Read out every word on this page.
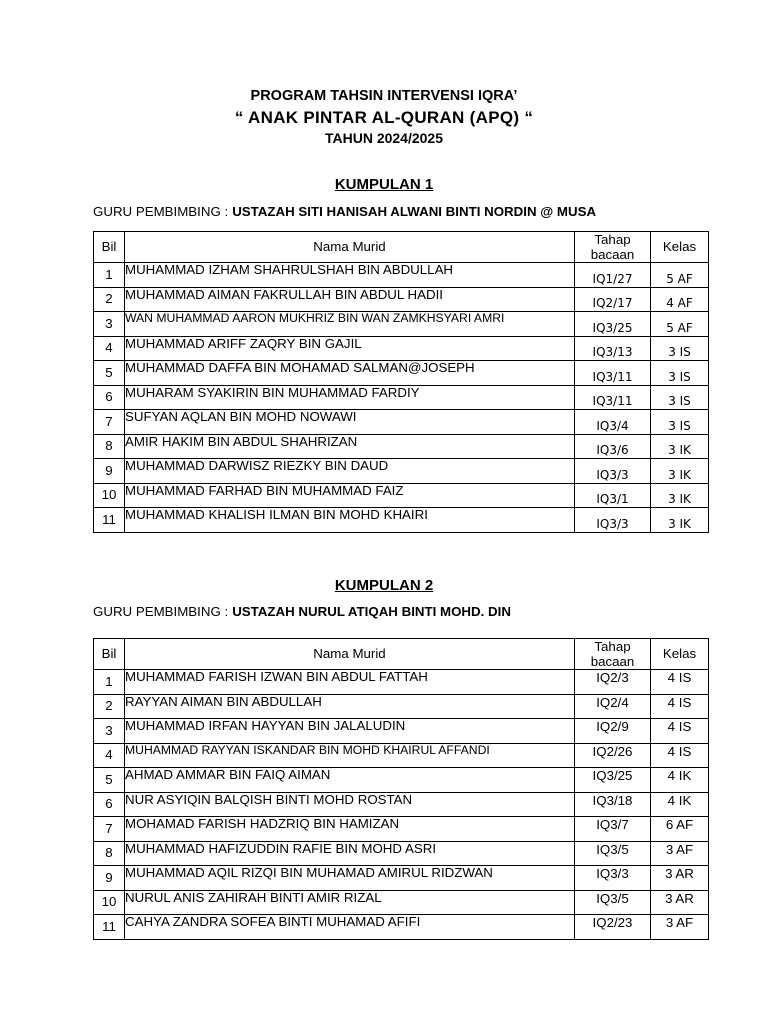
PROGRAM TAHSIN INTERVENSI IQRA’
“ ANAK PINTAR AL-QURAN (APQ) “
TAHUN 2024/2025
KUMPULAN 1
GURU PEMBIMBING : USTAZAH SITI HANISAH ALWANI BINTI NORDIN @ MUSA
Bil	Nama Murid	Tahap bacaan	Kelas
1	MUHAMMAD IZHAM SHAHRULSHAH BIN ABDULLAH	IQ1/27	5 AF
2	MUHAMMAD AIMAN FAKRULLAH BIN ABDUL HADII	IQ2/17	4 AF
3	WAN MUHAMMAD AARON MUKHRIZ BIN WAN ZAMKHSYARI AMRI	IQ3/25	5 AF
4	MUHAMMAD ARIFF ZAQRY BIN GAJIL	IQ3/13	3 IS
5	MUHAMMAD DAFFA BIN MOHAMAD SALMAN@JOSEPH	IQ3/11	3 IS
6	MUHARAM SYAKIRIN BIN MUHAMMAD FARDIY	IQ3/11	3 IS
7	SUFYAN AQLAN BIN MOHD NOWAWI	IQ3/4	3 IS
8	AMIR HAKIM BIN ABDUL SHAHRIZAN	IQ3/6	3 IK
9	MUHAMMAD DARWISZ RIEZKY BIN DAUD	IQ3/3	3 IK
10	MUHAMMAD FARHAD BIN MUHAMMAD FAIZ	IQ3/1	3 IK
11	MUHAMMAD KHALISH ILMAN BIN MOHD KHAIRI	IQ3/3	3 IK
KUMPULAN 2
GURU PEMBIMBING : USTAZAH NURUL ATIQAH BINTI MOHD. DIN
Bil	Nama Murid	Tahap bacaan	Kelas
1	MUHAMMAD FARISH IZWAN BIN ABDUL FATTAH	IQ2/3	4 IS
2	RAYYAN AIMAN BIN ABDULLAH	IQ2/4	4 IS
3	MUHAMMAD IRFAN HAYYAN BIN JALALUDIN	IQ2/9	4 IS
4	MUHAMMAD RAYYAN ISKANDAR BIN MOHD KHAIRUL AFFANDI	IQ2/26	4 IS
5	AHMAD AMMAR BIN FAIQ AIMAN	IQ3/25	4 IK
6	NUR ASYIQIN BALQISH BINTI MOHD ROSTAN	IQ3/18	4 IK
7	MOHAMAD FARISH HADZRIQ BIN HAMIZAN	IQ3/7	6 AF
8	MUHAMMAD HAFIZUDDIN RAFIE BIN MOHD ASRI	IQ3/5	3 AF
9	MUHAMMAD AQIL RIZQI BIN MUHAMAD AMIRUL RIDZWAN	IQ3/3	3 AR
10	NURUL ANIS ZAHIRAH BINTI AMIR RIZAL	IQ3/5	3 AR
11	CAHYA ZANDRA SOFEA BINTI MUHAMAD AFIFI	IQ2/23	3 AF
